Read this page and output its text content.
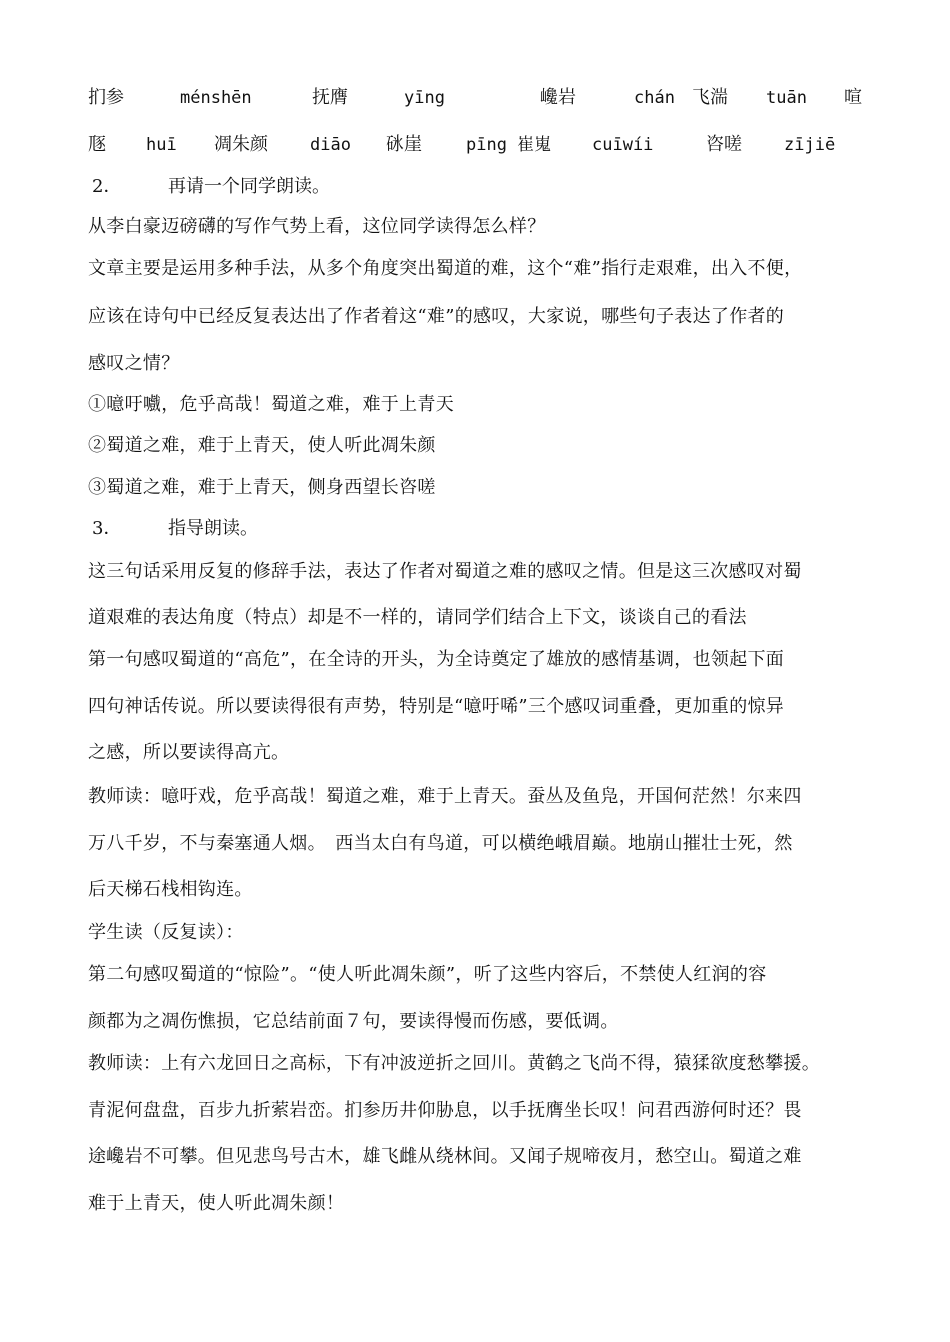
扪参	ménshēn	抚膺	yīng	巉岩	chán 飞湍 tuān 喧
豗 huī 凋朱颜 diāo 砯崖	pīng 崔嵬 cuīwíi	咨嗟 zījiē
2．	再请一个同学朗读。
从李白豪迈磅礴的写作气势上看，这位同学读得怎么样？
文章主要是运用多种手法，从多个角度突出蜀道的难，这个“难”指行走艰难，出入不便，
应该在诗句中已经反复表达出了作者着这“难”的感叹，大家说，哪些句子表达了作者的
感叹之情？
①噫吁嚱，危乎高哉！蜀道之难，难于上青天
②蜀道之难，难于上青天，使人听此凋朱颜
③蜀道之难，难于上青天，侧身西望长咨嗟
3．	指导朗读。
这三句话采用反复的修辞手法，表达了作者对蜀道之难的感叹之情。但是这三次感叹对蜀
道艰难的表达角度（特点）却是不一样的，请同学们结合上下文，谈谈自己的看法
第一句感叹蜀道的“高危”，在全诗的开头，为全诗奠定了雄放的感情基调，也领起下面
四句神话传说。所以要读得很有声势，特别是“噫吁唏”三个感叹词重叠，更加重的惊异
之感，所以要读得高亢。
教师读：噫吁戏，危乎高哉！蜀道之难，难于上青天。蚕丛及鱼凫，开国何茫然！尔来四
万八千岁，不与秦塞通人烟。　西当太白有鸟道，可以横绝峨眉巅。地崩山摧壮士死，然
后天梯石栈相钩连。
学生读（反复读）：
第二句感叹蜀道的“惊险”。“使人听此凋朱颜”，听了这些内容后，不禁使人红润的容
颜都为之凋伤憔损，它总结前面７句，要读得慢而伤感，要低调。
教师读：上有六龙回日之高标，下有冲波逆折之回川。黄鹤之飞尚不得，猿猱欲度愁攀援。
青泥何盘盘，百步九折萦岩峦。扪参历井仰胁息，以手抚膺坐长叹！问君西游何时还？畏
途巉岩不可攀。但见悲鸟号古木，雄飞雌从绕林间。又闻子规啼夜月，愁空山。蜀道之难
难于上青天，使人听此凋朱颜！
